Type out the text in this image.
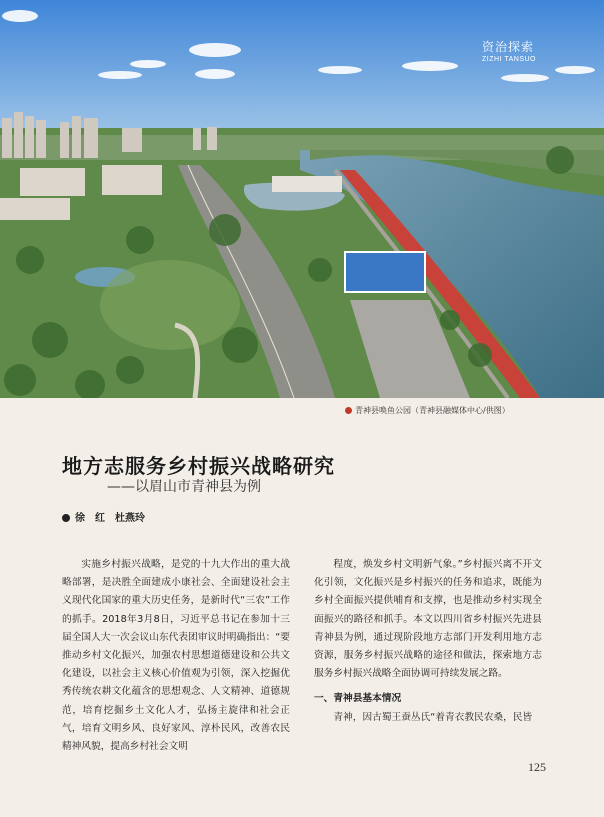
资治探索
ZIZHI TANSUO
青神县唤鱼公园（青神县融媒体中心/供图）
地方志服务乡村振兴战略研究
——以眉山市青神县为例
徐　红　杜燕玲

实施乡村振兴战略，是党的十九大作出的重大战略部署，是决胜全面建成小康社会、全面建设社会主义现代化国家的重大历史任务，是新时代“三农”工作的抓手。2018年3月8日，习近平总书记在参加十三届全国人大一次会议山东代表团审议时明确指出：“要推动乡村文化振兴，加强农村思想道德建设和公共文化建设，以社会主义核心价值观为引领，深入挖掘优秀传统农耕文化蕴含的思想观念、人文精神、道德规范，培育挖掘乡土文化人才，弘扬主旋律和社会正气，培育文明乡风、良好家风、淳朴民风，改善农民精神风貌，提高乡村社会文明

程度，焕发乡村文明新气象。”乡村振兴离不开文化引领，文化振兴是乡村振兴的任务和追求，既能为乡村全面振兴提供哺育和支撑，也是推动乡村实现全面振兴的路径和抓手。本文以四川省乡村振兴先进县青神县为例，通过现阶段地方志部门开发利用地方志资源，服务乡村振兴战略的途径和做法，探索地方志服务乡村振兴战略全面协调可持续发展之路。

一、青神县基本情况

青神，因古蜀王蚕丛氏“着青衣教民农桑，民皆

125
